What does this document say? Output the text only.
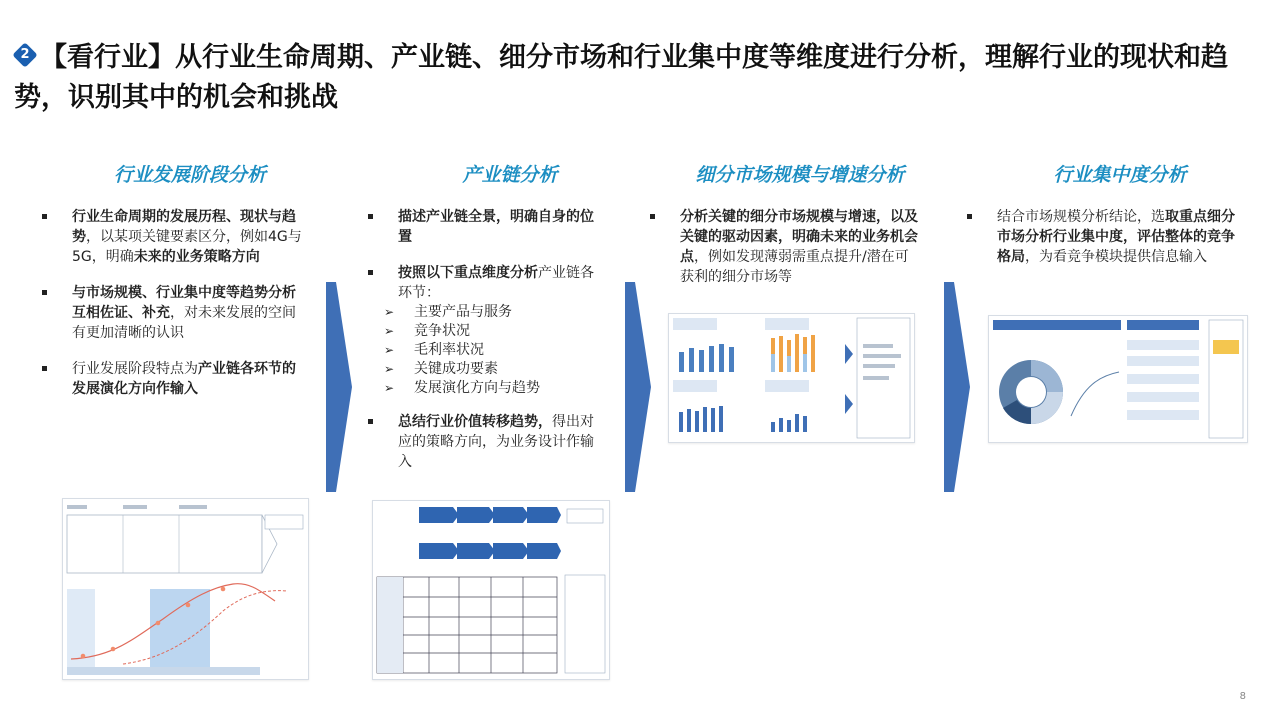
2 【看行业】从行业生命周期、产业链、细分市场和行业集中度等维度进行分析，理解行业的现状和趋势，识别其中的机会和挑战
行业发展阶段分析	产业链分析	细分市场规模与增速分析	行业集中度分析
行业生命周期的发展历程、现状与趋势，以某项关键要素区分，例如4G与5G，明确未来的业务策略方向
与市场规模、行业集中度等趋势分析互相佐证、补充，对未来发展的空间有更加清晰的认识
行业发展阶段特点为产业链各环节的发展演化方向作输入
描述产业链全景，明确自身的位置
按照以下重点维度分析产业链各环节：
➢ 主要产品与服务
➢ 竞争状况
➢ 毛利率状况
➢ 关键成功要素
➢ 发展演化方向与趋势
总结行业价值转移趋势，得出对应的策略方向，为业务设计作输入
分析关键的细分市场规模与增速，以及关键的驱动因素，明确未来的业务机会点，例如发现薄弱需重点提升/潜在可获利的细分市场等
结合市场规模分析结论，选取重点细分市场分析行业集中度，评估整体的竞争格局，为看竞争模块提供信息输入
8
